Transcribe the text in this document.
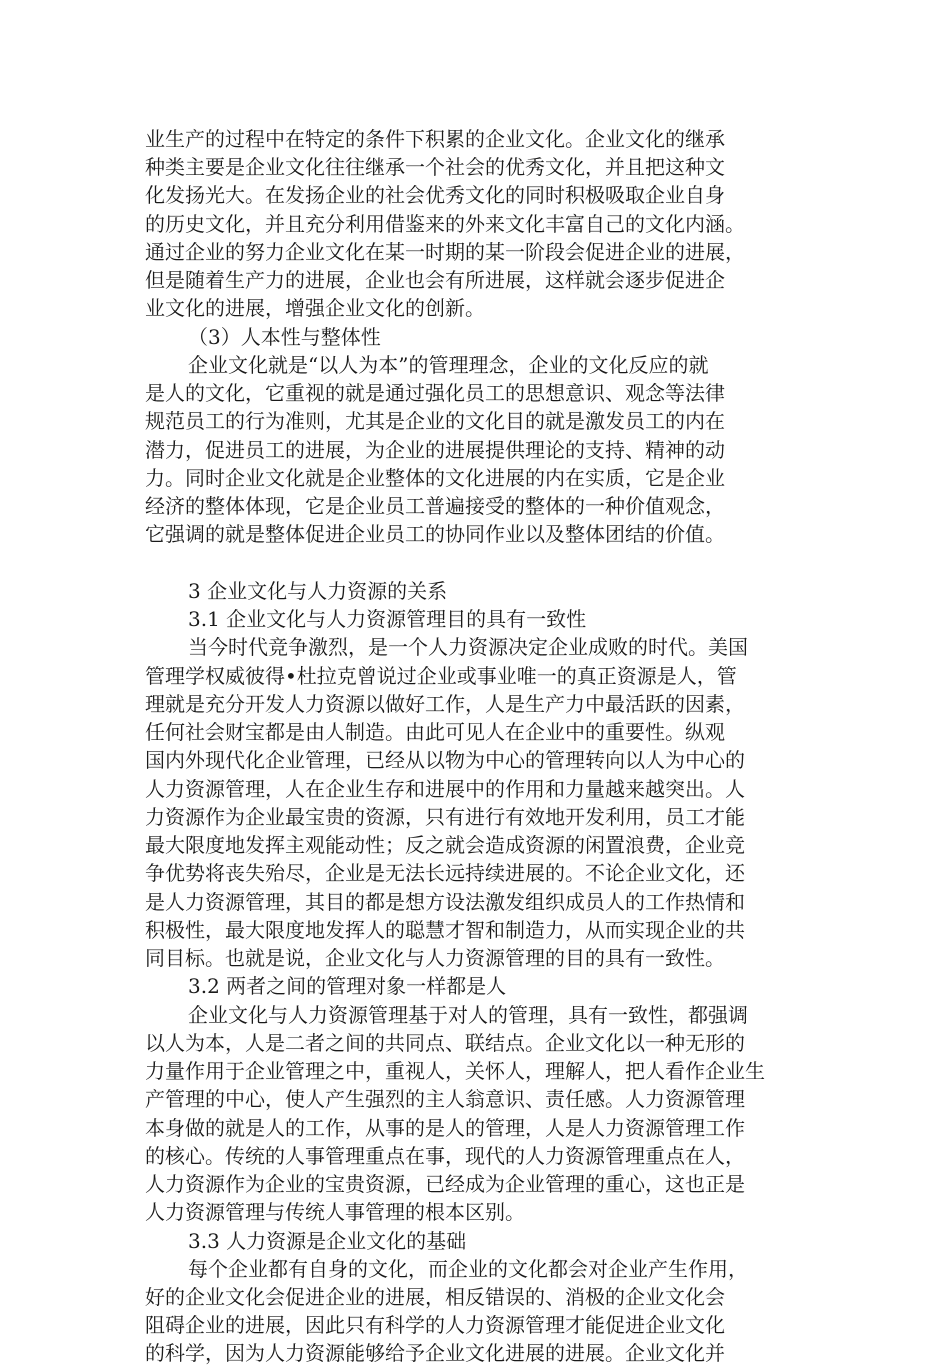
业生产的过程中在特定的条件下积累的企业文化。企业文化的继承
种类主要是企业文化往往继承一个社会的优秀文化，并且把这种文
化发扬光大。在发扬企业的社会优秀文化的同时积极吸取企业自身
的历史文化，并且充分利用借鉴来的外来文化丰富自己的文化内涵。
通过企业的努力企业文化在某一时期的某一阶段会促进企业的进展，
但是随着生产力的进展，企业也会有所进展，这样就会逐步促进企
业文化的进展，增强企业文化的创新。
（3）人本性与整体性
企业文化就是“以人为本”的管理理念，企业的文化反应的就
是人的文化，它重视的就是通过强化员工的思想意识、观念等法律
规范员工的行为准则，尤其是企业的文化目的就是激发员工的内在
潜力，促进员工的进展，为企业的进展提供理论的支持、精神的动
力。同时企业文化就是企业整体的文化进展的内在实质，它是企业
经济的整体体现，它是企业员工普遍接受的整体的一种价值观念，
它强调的就是整体促进企业员工的协同作业以及整体团结的价值。
3 企业文化与人力资源的关系
3.1 企业文化与人力资源管理目的具有一致性
当今时代竞争激烈，是一个人力资源决定企业成败的时代。美国
管理学权威彼得•杜拉克曾说过企业或事业唯一的真正资源是人，管
理就是充分开发人力资源以做好工作，人是生产力中最活跃的因素，
任何社会财宝都是由人制造。由此可见人在企业中的重要性。纵观
国内外现代化企业管理，已经从以物为中心的管理转向以人为中心的
人力资源管理，人在企业生存和进展中的作用和力量越来越突出。人
力资源作为企业最宝贵的资源，只有进行有效地开发利用，员工才能
最大限度地发挥主观能动性；反之就会造成资源的闲置浪费，企业竞
争优势将丧失殆尽，企业是无法长远持续进展的。不论企业文化，还
是人力资源管理，其目的都是想方设法激发组织成员人的工作热情和
积极性，最大限度地发挥人的聪慧才智和制造力，从而实现企业的共
同目标。也就是说，企业文化与人力资源管理的目的具有一致性。
3.2 两者之间的管理对象一样都是人
企业文化与人力资源管理基于对人的管理，具有一致性，都强调
以人为本，人是二者之间的共同点、联结点。企业文化以一种无形的
力量作用于企业管理之中，重视人，关怀人，理解人，把人看作企业生
产管理的中心，使人产生强烈的主人翁意识、责任感。人力资源管理
本身做的就是人的工作，从事的是人的管理，人是人力资源管理工作
的核心。传统的人事管理重点在事，现代的人力资源管理重点在人，
人力资源作为企业的宝贵资源，已经成为企业管理的重心，这也正是
人力资源管理与传统人事管理的根本区别。
3.3 人力资源是企业文化的基础
每个企业都有自身的文化，而企业的文化都会对企业产生作用，
好的企业文化会促进企业的进展，相反错误的、消极的企业文化会
阻碍企业的进展，因此只有科学的人力资源管理才能促进企业文化
的科学，因为人力资源能够给予企业文化进展的进展。企业文化并
